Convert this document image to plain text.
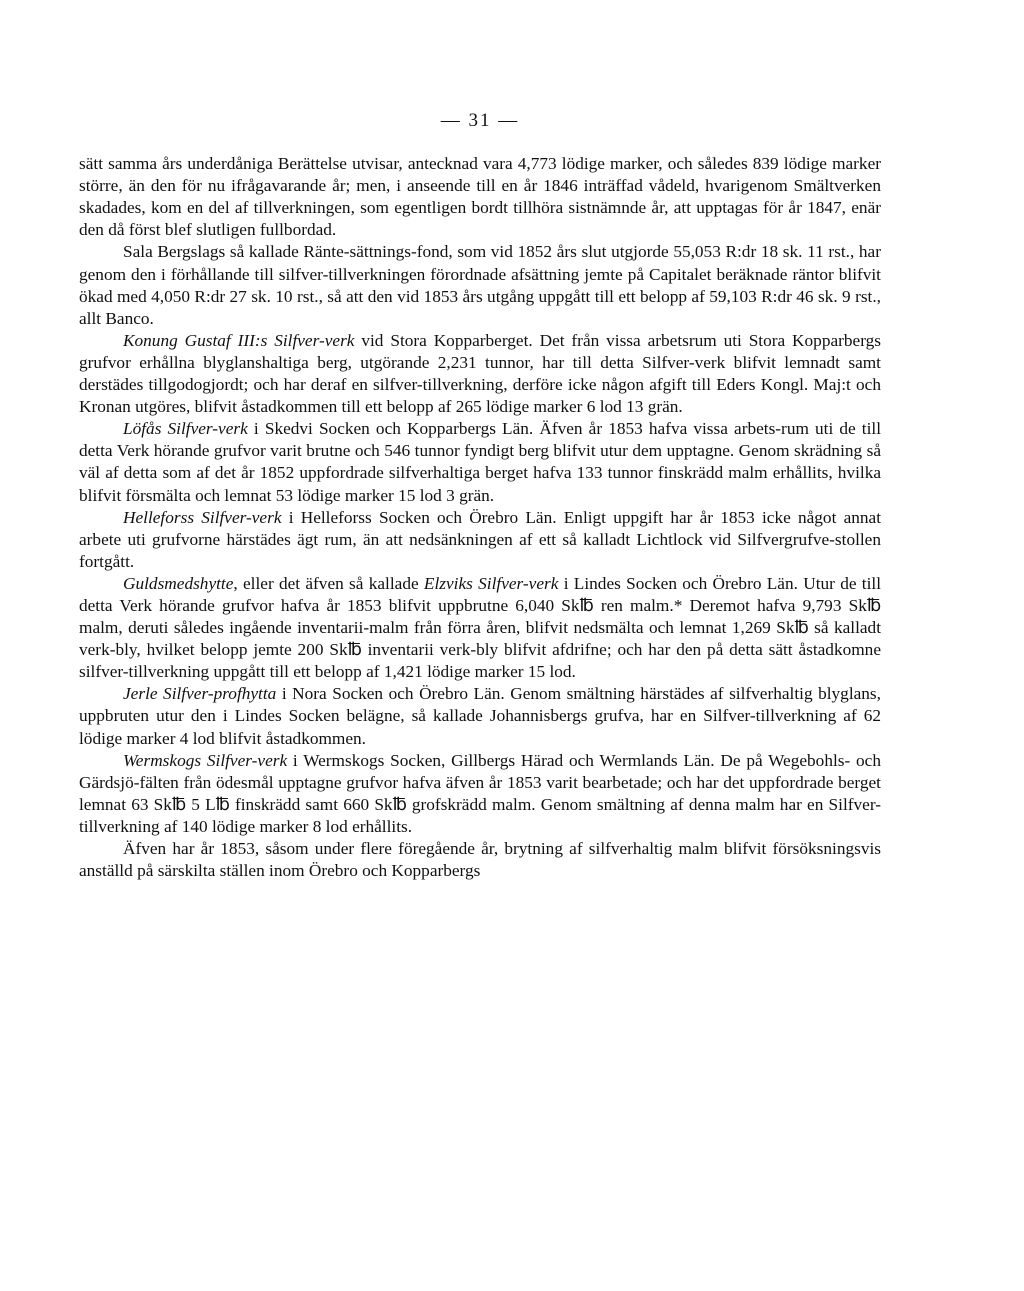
— 31 —

sätt samma års underdåniga Berättelse utvisar, antecknad vara 4,773 lödige marker, och således 839 lödige marker större, än den för nu ifrågavarande år; men, i anseende till en år 1846 inträffad vådeld, hvarigenom Smältverken skadades, kom en del af tillverkningen, som egentligen bordt tillhöra sistnämnde år, att upptagas för år 1847, enär den då först blef slutligen fullbordad.

Sala Bergslags så kallade Ränte-sättnings-fond, som vid 1852 års slut utgjorde 55,053 R:dr 18 sk. 11 rst., har genom den i förhållande till silfver-tillverkningen förordnade afsättning jemte på Capitalet beräknade räntor blifvit ökad med 4,050 R:dr 27 sk. 10 rst., så att den vid 1853 års utgång uppgått till ett belopp af 59,103 R:dr 46 sk. 9 rst., allt Banco.

Konung Gustaf III:s Silfver-verk vid Stora Kopparberget. Det från vissa arbetsrum uti Stora Kopparbergs grufvor erhållna blyglanshaltiga berg, utgörande 2,231 tunnor, har till detta Silfver-verk blifvit lemnadt samt derstädes tillgodogjordt; och har deraf en silfver-tillverkning, derföre icke någon afgift till Eders Kongl. Maj:t och Kronan utgöres, blifvit åstadkommen till ett belopp af 265 lödige marker 6 lod 13 grän.

Löfås Silfver-verk i Skedvi Socken och Kopparbergs Län. Äfven år 1853 hafva vissa arbets-rum uti de till detta Verk hörande grufvor varit brutne och 546 tunnor fyndigt berg blifvit utur dem upptagne. Genom skrädning så väl af detta som af det år 1852 uppfordrade silfverhaltiga berget hafva 133 tunnor finskrädd malm erhållits, hvilka blifvit försmälta och lemnat 53 lödige marker 15 lod 3 grän.

Helleforss Silfver-verk i Helleforss Socken och Örebro Län. Enligt uppgift har år 1853 icke något annat arbete uti grufvorne härstädes ägt rum, än att nedsänkningen af ett så kalladt Lichtlock vid Silfvergrufve-stollen fortgått.

Guldsmedshytte, eller det äfven så kallade Elzviks Silfver-verk i Lindes Socken och Örebro Län. Utur de till detta Verk hörande grufvor hafva år 1853 blifvit uppbrutne 6,040 Sk℔ ren malm.* Deremot hafva 9,793 Sk℔ malm, deruti således ingående inventarii-malm från förra åren, blifvit nedsmälta och lemnat 1,269 Sk℔ så kalladt verk-bly, hvilket belopp jemte 200 Sk℔ inventarii verk-bly blifvit afdrifne; och har den på detta sätt åstadkomne silfver-tillverkning uppgått till ett belopp af 1,421 lödige marker 15 lod.

Jerle Silfver-profhytta i Nora Socken och Örebro Län. Genom smältning härstädes af silfverhaltig blyglans, uppbruten utur den i Lindes Socken belägne, så kallade Johannisbergs grufva, har en Silfver-tillverkning af 62 lödige marker 4 lod blifvit åstadkommen.

Wermskogs Silfver-verk i Wermskogs Socken, Gillbergs Härad och Wermlands Län. De på Wegebohls- och Gärdsjö-fälten från ödesmål upptagne grufvor hafva äfven år 1853 varit bearbetade; och har det uppfordrade berget lemnat 63 Sk℔ 5 L℔ finskrädd samt 660 Sk℔ grofskrädd malm. Genom smältning af denna malm har en Silfver-tillverkning af 140 lödige marker 8 lod erhållits.

Äfven har år 1853, såsom under flere föregående år, brytning af silfverhaltig malm blifvit försöksningsvis anställd på särskilta ställen inom Örebro och Kopparbergs
